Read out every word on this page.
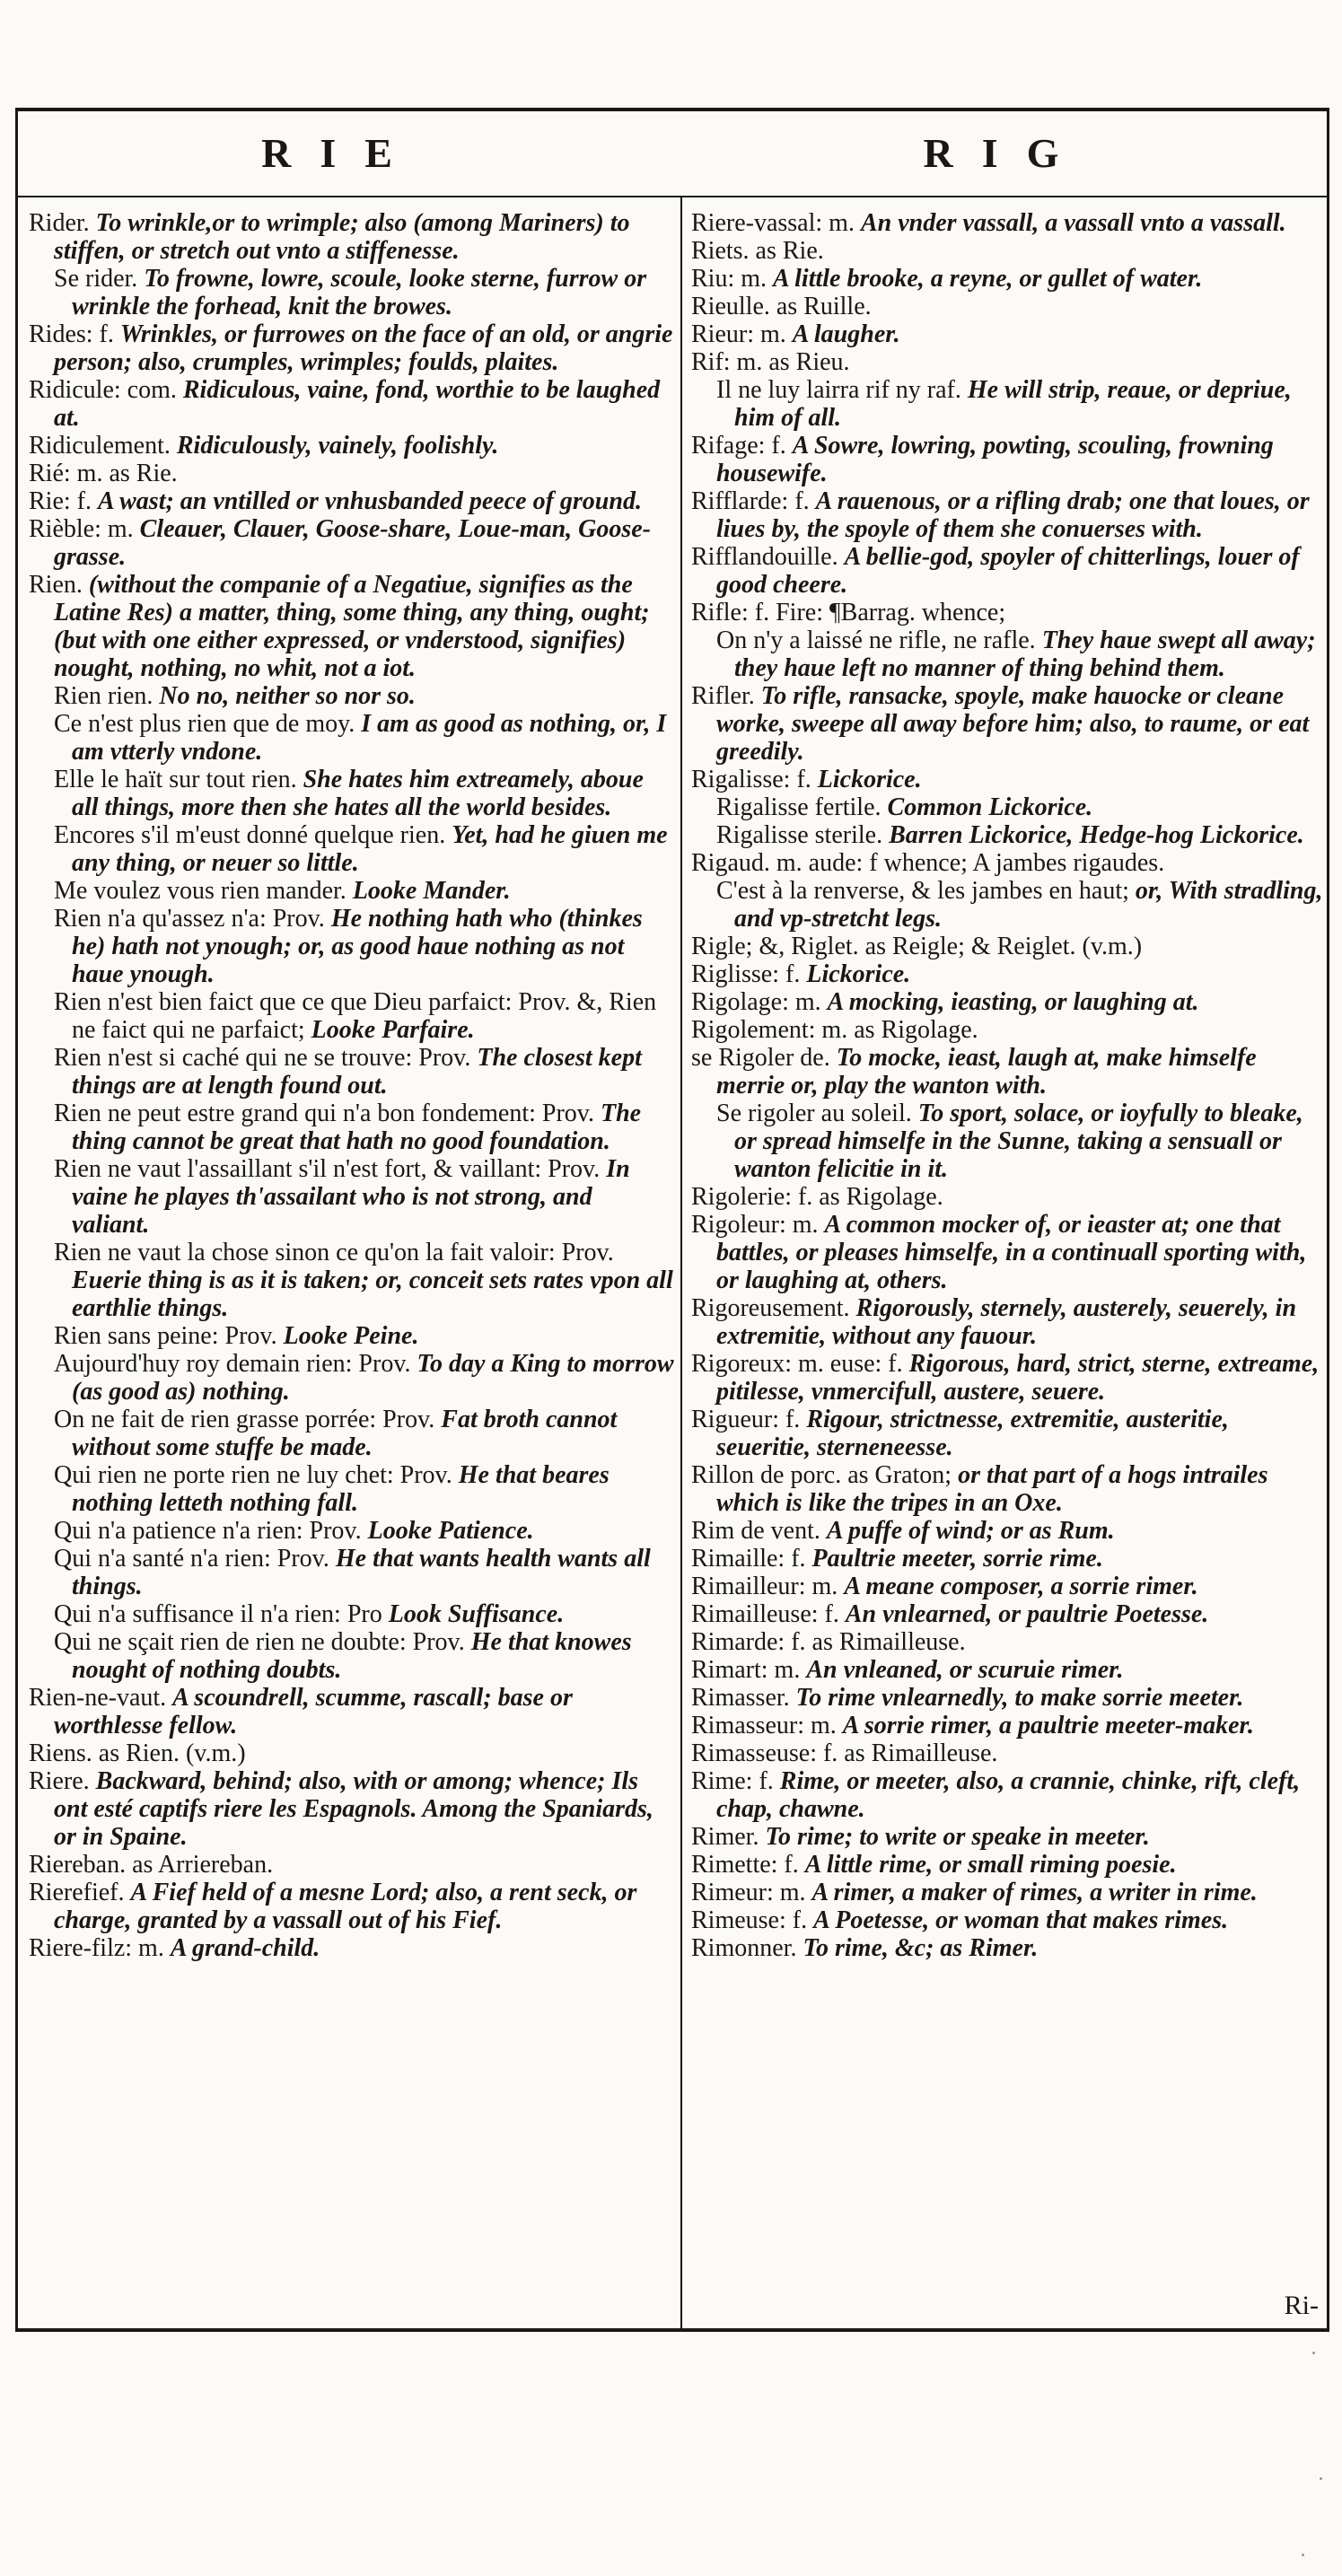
RIE	RIG

Rider. To wrinkle,or to wrimple; also (among Mariners) to stiffen, or stretch out vnto a stiffenesse.

Se rider. To frowne, lowre, scoule, looke sterne, furrow or wrinkle the forhead, knit the browes.

Rides: f. Wrinkles, or furrowes on the face of an old, or angrie person; also, crumples, wrimples; foulds, plaites.

Ridicule: com. Ridiculous, vaine, fond, worthie to be laughed at.

Ridiculement. Ridiculously, vainely, foolishly.

Rié: m. as Rie.

Rie: f. A wast; an vntilled or vnhusbanded peece of ground.

Rièble: m. Cleauer, Clauer, Goose-share, Loue-man, Goose-grasse.

Rien. (without the companie of a Negatiue, signifies as the Latine Res) a matter, thing, some thing, any thing, ought; (but with one either expressed, or vnderstood, signifies) nought, nothing, no whit, not a iot.

Rien rien. No no, neither so nor so.

Ce n'est plus rien que de moy. I am as good as nothing, or, I am vtterly vndone.

Elle le haït sur tout rien. She hates him extreamely, aboue all things, more then she hates all the world besides.

Encores s'il m'eust donné quelque rien. Yet, had he giuen me any thing, or neuer so little.

Me voulez vous rien mander. Looke Mander.

Rien n'a qu'assez n'a: Prov. He nothing hath who (thinkes he) hath not ynough; or, as good haue nothing as not haue ynough.

Rien n'est bien faict que ce que Dieu parfaict: Prov. &, Rien ne faict qui ne parfaict; Looke Parfaire.

Rien n'est si caché qui ne se trouve: Prov. The closest kept things are at length found out.

Rien ne peut estre grand qui n'a bon fondement: Prov. The thing cannot be great that hath no good foundation.

Rien ne vaut l'assaillant s'il n'est fort, & vaillant: Prov. In vaine he playes th'assailant who is not strong, and valiant.

Rien ne vaut la chose sinon ce qu'on la fait valoir: Prov. Euerie thing is as it is taken; or, conceit sets rates vpon all earthlie things.

Rien sans peine: Prov. Looke Peine.

Aujourd'huy roy demain rien: Prov. To day a King to morrow (as good as) nothing.

On ne fait de rien grasse porrée: Prov. Fat broth cannot without some stuffe be made.

Qui rien ne porte rien ne luy chet: Prov. He that beares nothing letteth nothing fall.

Qui n'a patience n'a rien: Prov. Looke Patience.

Qui n'a santé n'a rien: Prov. He that wants health wants all things.

Qui n'a suffisance il n'a rien: Pro Look Suffisance.

Qui ne sçait rien de rien ne doubte: Prov. He that knowes nought of nothing doubts.

Rien-ne-vaut. A scoundrell, scumme, rascall; base or worthlesse fellow.

Riens. as Rien. (v.m.)

Riere. Backward, behind; also, with or among; whence; Ils ont esté captifs riere les Espagnols. Among the Spaniards, or in Spaine.

Riereban. as Arriereban.

Rierefief. A Fief held of a mesne Lord; also, a rent seck, or charge, granted by a vassall out of his Fief.

Riere-filz: m. A grand-child.

Riere-vassal: m. An vnder vassall, a vassall vnto a vassall.

Riets. as Rie.

Riu: m. A little brooke, a reyne, or gullet of water.

Rieulle. as Ruille.

Rieur: m. A laugher.

Rif: m. as Rieu.

Il ne luy lairra rif ny raf. He will strip, reaue, or depriue, him of all.

Rifage: f. A Sowre, lowring, powting, scouling, frowning housewife.

Rifflarde: f. A rauenous, or a rifling drab; one that loues, or liues by, the spoyle of them she conuerses with.

Rifflandouille. A bellie-god, spoyler of chitterlings, louer of good cheere.

Rifle: f. Fire: ¶Barrag. whence;

On n'y a laissé ne rifle, ne rafle. They haue swept all away; they haue left no manner of thing behind them.

Rifler. To rifle, ransacke, spoyle, make hauocke or cleane worke, sweepe all away before him; also, to raume, or eat greedily.

Rigalisse: f. Lickorice.

Rigalisse fertile. Common Lickorice.

Rigalisse sterile. Barren Lickorice, Hedge-hog Lickorice.

Rigaud. m. aude: f whence; A jambes rigaudes.

C'est à la renverse, & les jambes en haut; or, With stradling, and vp-stretcht legs.

Rigle; &, Riglet. as Reigle; & Reiglet. (v.m.)

Riglisse: f. Lickorice.

Rigolage: m. A mocking, ieasting, or laughing at.

Rigolement: m. as Rigolage.

se Rigoler de. To mocke, ieast, laugh at, make himselfe merrie or, play the wanton with.

Se rigoler au soleil. To sport, solace, or ioyfully to bleake, or spread himselfe in the Sunne, taking a sensuall or wanton felicitie in it.

Rigolerie: f. as Rigolage.

Rigoleur: m. A common mocker of, or ieaster at; one that battles, or pleases himselfe, in a continuall sporting with, or laughing at, others.

Rigoreusement. Rigorously, sternely, austerely, seuerely, in extremitie, without any fauour.

Rigoreux: m. euse: f. Rigorous, hard, strict, sterne, extreame, pitilesse, vnmercifull, austere, seuere.

Rigueur: f. Rigour, strictnesse, extremitie, austeritie, seueritie, sterneneesse.

Rillon de porc. as Graton; or that part of a hogs intrailes which is like the tripes in an Oxe.

Rim de vent. A puffe of wind; or as Rum.

Rimaille: f. Paultrie meeter, sorrie rime.

Rimailleur: m. A meane composer, a sorrie rimer.

Rimailleuse: f. An vnlearned, or paultrie Poetesse.

Rimarde: f. as Rimailleuse.

Rimart: m. An vnleaned, or scuruie rimer.

Rimasser. To rime vnlearnedly, to make sorrie meeter.

Rimasseur: m. A sorrie rimer, a paultrie meeter-maker.

Rimasseuse: f. as Rimailleuse.

Rime: f. Rime, or meeter, also, a crannie, chinke, rift, cleft, chap, chawne.

Rimer. To rime; to write or speake in meeter.

Rimette: f. A little rime, or small riming poesie.

Rimeur: m. A rimer, a maker of rimes, a writer in rime.

Rimeuse: f. A Poetesse, or woman that makes rimes.

Rimonner. To rime, &c; as Rimer.

Ri-
